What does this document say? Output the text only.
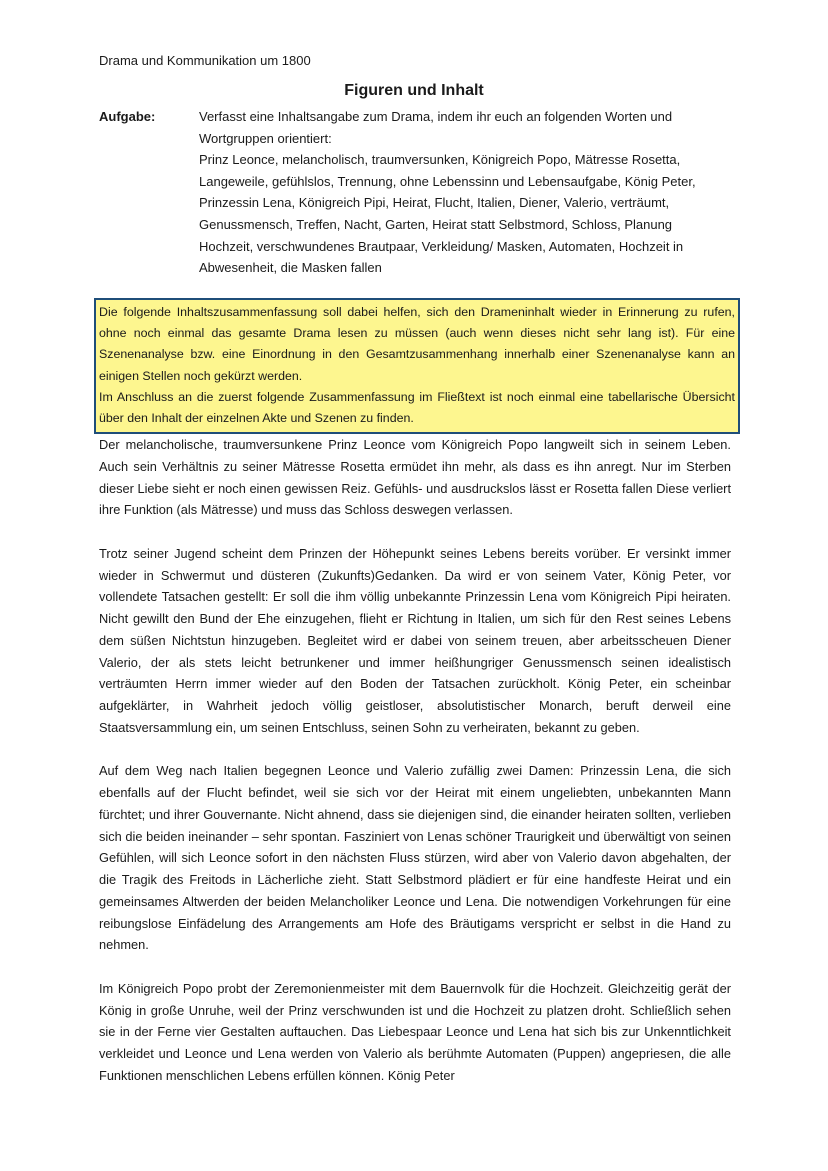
Drama und Kommunikation um 1800
Figuren und Inhalt
Aufgabe:	Verfasst eine Inhaltsangabe zum Drama, indem ihr euch an folgenden Worten und
Wortgruppen orientiert:
Prinz Leonce, melancholisch, traumversunken, Königreich Popo, Mätresse Rosetta,
Langeweile, gefühlslos, Trennung, ohne Lebenssinn und Lebensaufgabe, König Peter,
Prinzessin Lena, Königreich Pipi, Heirat, Flucht, Italien, Diener, Valerio, verträumt,
Genussmensch, Treffen, Nacht, Garten, Heirat statt Selbstmord, Schloss, Planung
Hochzeit, verschwundenes Brautpaar, Verkleidung/ Masken, Automaten, Hochzeit in
Abwesenheit, die Masken fallen

Die folgende Inhaltszusammenfassung soll dabei helfen, sich den Drameninhalt wieder in Erinnerung zu rufen, ohne noch einmal das gesamte Drama lesen zu müssen (auch wenn dieses nicht sehr lang ist). Für eine Szenenanalyse bzw. eine Einordnung in den Gesamtzusammenhang innerhalb einer Szenenanalyse kann an einigen Stellen noch gekürzt werden.

Im Anschluss an die zuerst folgende Zusammenfassung im Fließtext ist noch einmal eine tabellarische Übersicht über den Inhalt der einzelnen Akte und Szenen zu finden.

Der melancholische, traumversunkene Prinz Leonce vom Königreich Popo langweilt sich in seinem Leben. Auch sein Verhältnis zu seiner Mätresse Rosetta ermüdet ihn mehr, als dass es ihn anregt. Nur im Sterben dieser Liebe sieht er noch einen gewissen Reiz. Gefühls- und ausdruckslos lässt er Rosetta fallen Diese verliert ihre Funktion (als Mätresse) und muss das Schloss deswegen verlassen.

Trotz seiner Jugend scheint dem Prinzen der Höhepunkt seines Lebens bereits vorüber. Er versinkt immer wieder in Schwermut und düsteren (Zukunfts)Gedanken. Da wird er von seinem Vater, König Peter, vor vollendete Tatsachen gestellt: Er soll die ihm völlig unbekannte Prinzessin Lena vom Königreich Pipi heiraten. Nicht gewillt den Bund der Ehe einzugehen, flieht er Richtung in Italien, um sich für den Rest seines Lebens dem süßen Nichtstun hinzugeben. Begleitet wird er dabei von seinem treuen, aber arbeitsscheuen Diener Valerio, der als stets leicht betrunkener und immer heißhungriger Genussmensch seinen idealistisch verträumten Herrn immer wieder auf den Boden der Tatsachen zurückholt. König Peter, ein scheinbar aufgeklärter, in Wahrheit jedoch völlig geistloser, absolutistischer Monarch, beruft derweil eine Staatsversammlung ein, um seinen Entschluss, seinen Sohn zu verheiraten, bekannt zu geben.

Auf dem Weg nach Italien begegnen Leonce und Valerio zufällig zwei Damen: Prinzessin Lena, die sich ebenfalls auf der Flucht befindet, weil sie sich vor der Heirat mit einem ungeliebten, unbekannten Mann fürchtet; und ihrer Gouvernante. Nicht ahnend, dass sie diejenigen sind, die einander heiraten sollten, verlieben sich die beiden ineinander – sehr spontan. Fasziniert von Lenas schöner Traurigkeit und überwältigt von seinen Gefühlen, will sich Leonce sofort in den nächsten Fluss stürzen, wird aber von Valerio davon abgehalten, der die Tragik des Freitods in Lächerliche zieht. Statt Selbstmord plädiert er für eine handfeste Heirat und ein gemeinsames Altwerden der beiden Melancholiker Leonce und Lena. Die notwendigen Vorkehrungen für eine reibungslose Einfädelung des Arrangements am Hofe des Bräutigams verspricht er selbst in die Hand zu nehmen.

Im Königreich Popo probt der Zeremonienmeister mit dem Bauernvolk für die Hochzeit. Gleichzeitig gerät der König in große Unruhe, weil der Prinz verschwunden ist und die Hochzeit zu platzen droht. Schließlich sehen sie in der Ferne vier Gestalten auftauchen. Das Liebespaar Leonce und Lena hat sich bis zur Unkenntlichkeit verkleidet und Leonce und Lena werden von Valerio als berühmte Automaten (Puppen) angepriesen, die alle Funktionen menschlichen Lebens erfüllen können. König Peter
